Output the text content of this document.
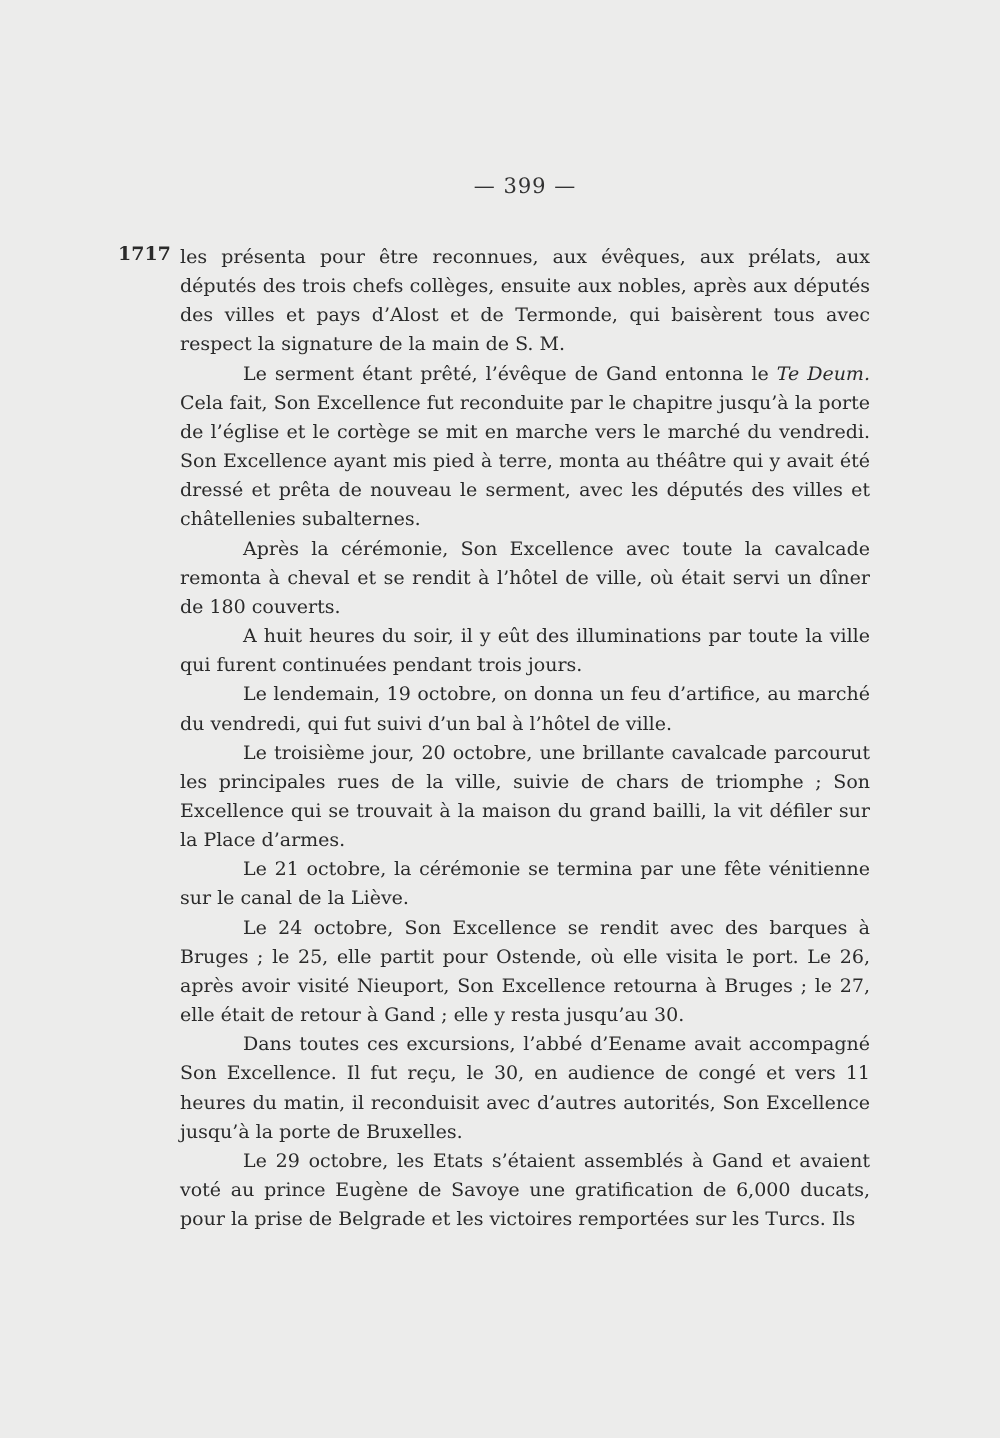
— 399 —
1717 les présenta pour être reconnues, aux évêques, aux prélats, aux députés des trois chefs collèges, ensuite aux nobles, après aux députés des villes et pays d’Alost et de Termonde, qui baisèrent tous avec respect la signature de la main de S. M.

Le serment étant prêté, l’évêque de Gand entonna le Te Deum. Cela fait, Son Excellence fut reconduite par le chapitre jusqu’à la porte de l’église et le cortège se mit en marche vers le marché du vendredi. Son Excellence ayant mis pied à terre, monta au théâtre qui y avait été dressé et prêta de nouveau le serment, avec les députés des villes et châtellenies subalternes.

Après la cérémonie, Son Excellence avec toute la cavalcade remonta à cheval et se rendit à l’hôtel de ville, où était servi un dîner de 180 couverts.

A huit heures du soir, il y eût des illuminations par toute la ville qui furent continuées pendant trois jours.

Le lendemain, 19 octobre, on donna un feu d’artifice, au marché du vendredi, qui fut suivi d’un bal à l’hôtel de ville.

Le troisième jour, 20 octobre, une brillante cavalcade parcourut les principales rues de la ville, suivie de chars de triomphe ; Son Excellence qui se trouvait à la maison du grand bailli, la vit défiler sur la Place d’armes.

Le 21 octobre, la cérémonie se termina par une fête vénitienne sur le canal de la Liève.

Le 24 octobre, Son Excellence se rendit avec des barques à Bruges ; le 25, elle partit pour Ostende, où elle visita le port. Le 26, après avoir visité Nieuport, Son Excellence retourna à Bruges ; le 27, elle était de retour à Gand ; elle y resta jusqu’au 30.

Dans toutes ces excursions, l’abbé d’Eename avait accompagné Son Excellence. Il fut reçu, le 30, en audience de congé et vers 11 heures du matin, il reconduisit avec d’autres autorités, Son Excellence jusqu’à la porte de Bruxelles.

Le 29 octobre, les Etats s’étaient assemblés à Gand et avaient voté au prince Eugène de Savoye une gratification de 6,000 ducats, pour la prise de Belgrade et les victoires remportées sur les Turcs. Ils
